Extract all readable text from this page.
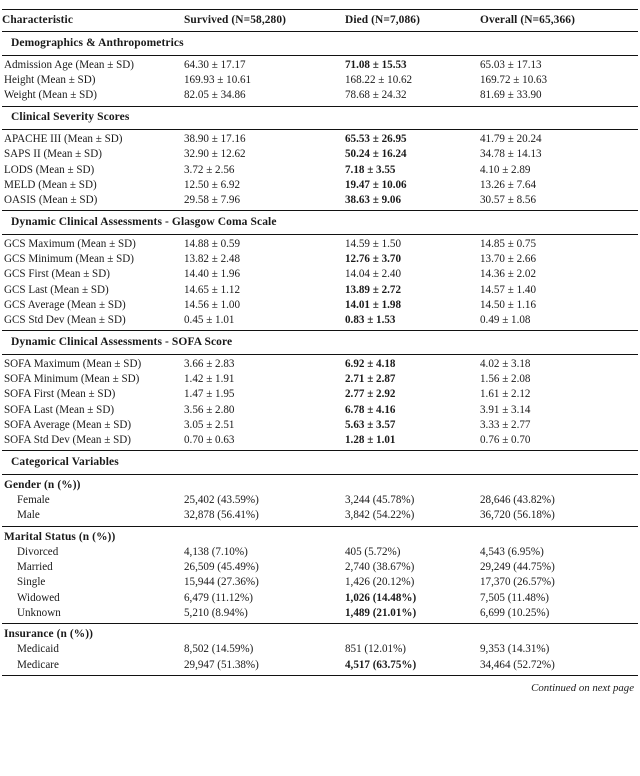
Characteristic	Survived (N=58,280)	Died (N=7,086)	Overall (N=65,366)

Demographics & Anthropometrics			

Admission Age (Mean ± SD)	64.30 ± 17.17	71.08 ± 15.53	65.03 ± 17.13
Height (Mean ± SD)	169.93 ± 10.61	168.22 ± 10.62	169.72 ± 10.63
Weight (Mean ± SD)	82.05 ± 34.86	78.68 ± 24.32	81.69 ± 33.90

Clinical Severity Scores			

APACHE III (Mean ± SD)	38.90 ± 17.16	65.53 ± 26.95	41.79 ± 20.24
SAPS II (Mean ± SD)	32.90 ± 12.62	50.24 ± 16.24	34.78 ± 14.13
LODS (Mean ± SD)	3.72 ± 2.56	7.18 ± 3.55	4.10 ± 2.89
MELD (Mean ± SD)	12.50 ± 6.92	19.47 ± 10.06	13.26 ± 7.64
OASIS (Mean ± SD)	29.58 ± 7.96	38.63 ± 9.06	30.57 ± 8.56

Dynamic Clinical Assessments - Glasgow Coma Scale			

GCS Maximum (Mean ± SD)	14.88 ± 0.59	14.59 ± 1.50	14.85 ± 0.75
GCS Minimum (Mean ± SD)	13.82 ± 2.48	12.76 ± 3.70	13.70 ± 2.66
GCS First (Mean ± SD)	14.40 ± 1.96	14.04 ± 2.40	14.36 ± 2.02
GCS Last (Mean ± SD)	14.65 ± 1.12	13.89 ± 2.72	14.57 ± 1.40
GCS Average (Mean ± SD)	14.56 ± 1.00	14.01 ± 1.98	14.50 ± 1.16
GCS Std Dev (Mean ± SD)	0.45 ± 1.01	0.83 ± 1.53	0.49 ± 1.08

Dynamic Clinical Assessments - SOFA Score			

SOFA Maximum (Mean ± SD)	3.66 ± 2.83	6.92 ± 4.18	4.02 ± 3.18
SOFA Minimum (Mean ± SD)	1.42 ± 1.91	2.71 ± 2.87	1.56 ± 2.08
SOFA First (Mean ± SD)	1.47 ± 1.95	2.77 ± 2.92	1.61 ± 2.12
SOFA Last (Mean ± SD)	3.56 ± 2.80	6.78 ± 4.16	3.91 ± 3.14
SOFA Average (Mean ± SD)	3.05 ± 2.51	5.63 ± 3.57	3.33 ± 2.77
SOFA Std Dev (Mean ± SD)	0.70 ± 0.63	1.28 ± 1.01	0.76 ± 0.70

Categorical Variables			

Gender (n (%))			
Female	25,402 (43.59%)	3,244 (45.78%)	28,646 (43.82%)
Male	32,878 (56.41%)	3,842 (54.22%)	36,720 (56.18%)

Marital Status (n (%))			
Divorced	4,138 (7.10%)	405 (5.72%)	4,543 (6.95%)
Married	26,509 (45.49%)	2,740 (38.67%)	29,249 (44.75%)
Single	15,944 (27.36%)	1,426 (20.12%)	17,370 (26.57%)
Widowed	6,479 (11.12%)	1,026 (14.48%)	7,505 (11.48%)
Unknown	5,210 (8.94%)	1,489 (21.01%)	6,699 (10.25%)

Insurance (n (%))			
Medicaid	8,502 (14.59%)	851 (12.01%)	9,353 (14.31%)
Medicare	29,947 (51.38%)	4,517 (63.75%)	34,464 (52.72%)

Continued on next page
